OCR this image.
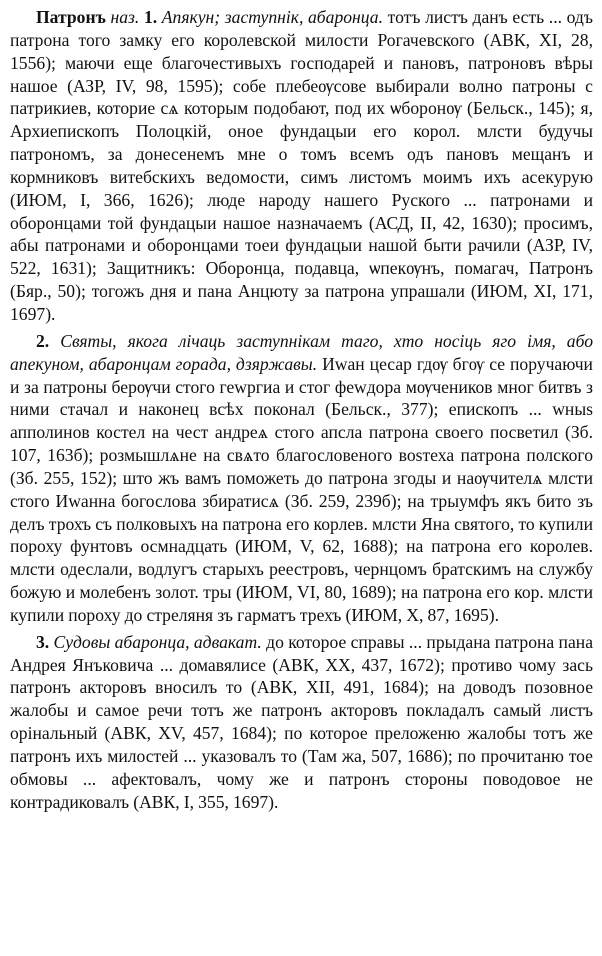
Патронъ наз. 1. Апякун; заступнік, абаронца. тотъ листъ данъ есть ... одъ патрона того замку его королевской милости Рогачевского (АВК, XI, 28, 1556); маючи еще благочестивыхъ господарей и пановъ, патроновъ вѣры нашое (АЗР, IV, 98, 1595); собе плебеѹсове выбирали волно патроны с патрикиев, которие сѧ которым подобают, под их ѡборонѹ (Бельск., 145); я, Архиепископъ Полоцкій, оное фундацыи его корол. млсти будучы патрономъ, за донесенемъ мне о томъ всемъ одъ пановъ мещанъ и кормниковъ витебскихъ ведомости, симъ листомъ моимъ ихъ асекурую (ИЮМ, I, 366, 1626); люде народу нашего Руского ... патронами и оборонцами той фундацыи нашое назначаемъ (АСД, II, 42, 1630); просимъ, абы патронами и оборонцами тоеи фундацыи нашой быти рачили (АЗР, IV, 522, 1631); Защитникъ: Оборонца, подавца, ѡпекѹнъ, помагач, Патронъ (Бяр., 50); тогожъ дня и пана Анцюту за патрона упрашали (ИЮМ, XI, 171, 1697).

2. Святы, якога лічаць заступнікам таго, хто носіць яго імя, або апекуном, абаронцам горада, дзяржавы. Иwан цесар гдѹ бгѹ се поручаючи и за патроны берѹчи стого геwргиа и стог феwдора мѹчеников мног битвъ з ними стачал и наконец всѣх поконал (Бельск., 377); епископъ ... wныѕ апполинов костел на чест андреѧ стого апсла патрона своего посветил (Зб. 107, 163б); розмышлѧне на свѧто благословеного воѕтеха патрона полского (Зб. 255, 152); што жъ вамъ поможеть до патрона згоды и наѹчителѧ млсти стого Иwанна богослова збиратисѧ (Зб. 259, 239б); на трыумфъ якъ бито зъ делъ трохъ съ полковыхъ на патрона его корлев. млсти Яна святого, то купили пороху фунтовъ осмнадцать (ИЮМ, V, 62, 1688); на патрона его королев. млсти одеслали, водлугъ старыхъ реестровъ, чернцомъ братскимъ на службу божую и молебенъ золот. тры (ИЮМ, VI, 80, 1689); на патрона его кор. млсти купили пороху до стреляня зъ гарматъ трехъ (ИЮМ, X, 87, 1695).

3. Судовы абаронца, адвакат. до которое справы ... прыдана патрона пана Андрея Янъковича ... домавялисе (АВК, XX, 437, 1672); противо чому зась патронъ акторовъ вносилъ то (АВК, XII, 491, 1684); на доводъ позовное жалобы и самое речи тотъ же патронъ акторовъ покладалъ самый листъ орінальный (АВК, XV, 457, 1684); по которое преложеню жалобы тотъ же патронъ ихъ милостей ... указовалъ то (Там жа, 507, 1686); по прочитаню тое обмовы ... афектовалъ, чому же и патронъ стороны поводовое не контрадиковалъ (АВК, I, 355, 1697).
